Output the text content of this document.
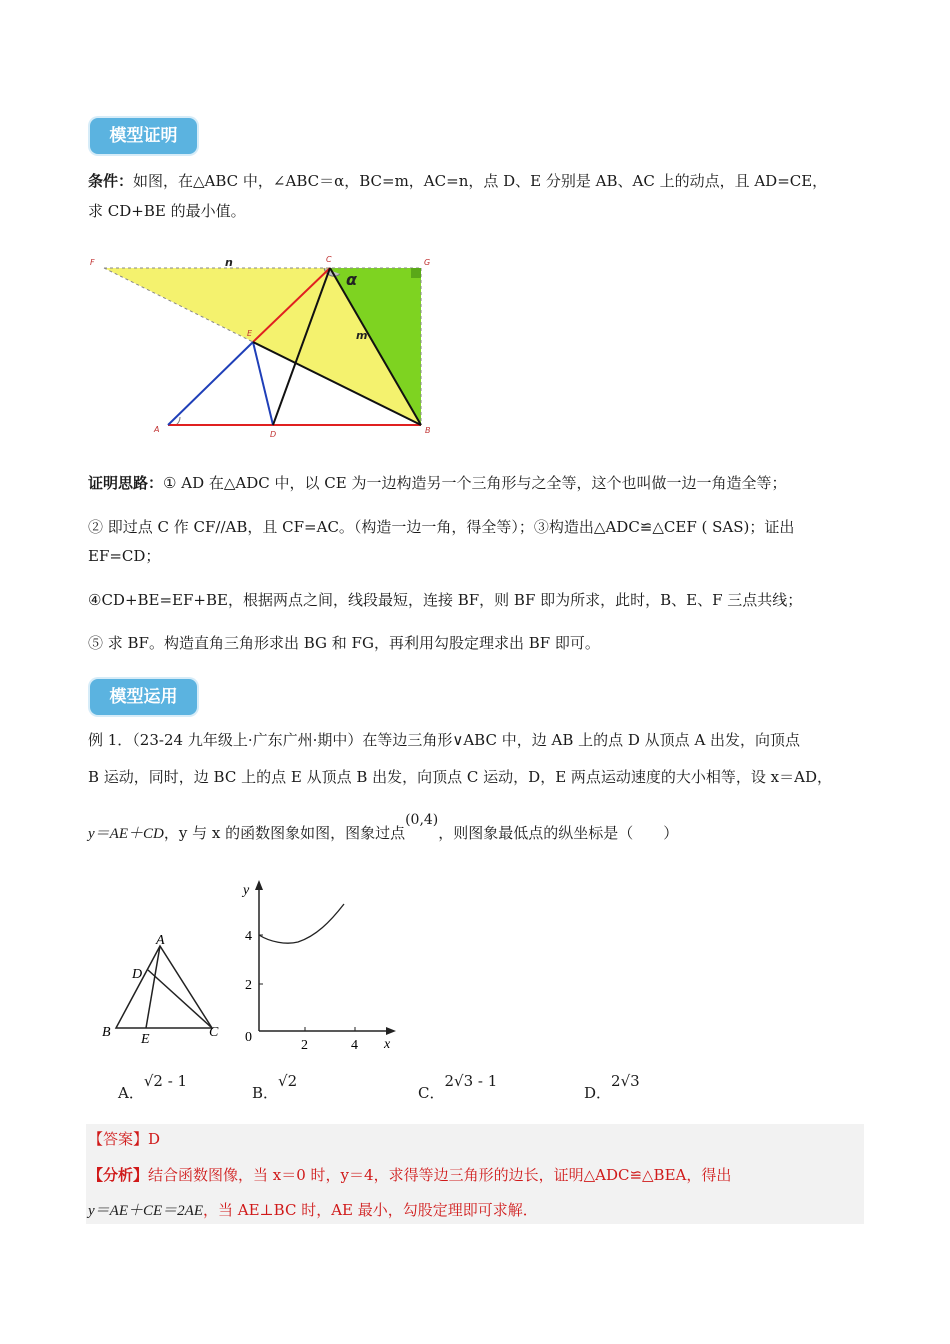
模型证明
条件：如图，在△ABC 中，∠ABC＝α，BC=m，AC=n，点 D、E 分别是 AB、AC 上的动点，且 AD=CE，
求 CD+BE 的最小值。
F	C	G
E
A
D	B
n
m
α
证明思路：① AD 在△ADC 中，以 CE 为一边构造另一个三角形与之全等，这个也叫做一边一角造全等；
② 即过点 C 作 CF//AB，且 CF=AC。（构造一边一角，得全等）；③构造出△ADC≌△CEF ( SAS)；证出
EF=CD；
④CD+BE=EF+BE，根据两点之间，线段最短，连接 BF，则 BF 即为所求，此时，B、E、F 三点共线；
⑤ 求 BF。构造直角三角形求出 BG 和 FG，再利用勾股定理求出 BF 即可。
模型运用
例 1．（23-24 九年级上·广东广州·期中）在等边三角形∨ABC 中，边 AB 上的点 D 从顶点 A 出发，向顶点
B 运动，同时，边 BC 上的点 E 从顶点 B 出发，向顶点 C 运动，D，E 两点运动速度的大小相等，设 x＝AD，
y＝AE＋CD，y 与 x 的函数图象如图，图象过点(0,4)，则图象最低点的纵坐标是（　　）
A
D
B E	C
y
x
0
4
2
2	4
A．√2 - 1
B．√2
C．2√3 - 1
D．2√3
【答案】D
【分析】结合函数图像，当 x＝0 时，y＝4，求得等边三角形的边长，证明△ADC≌△BEA，得出
y＝AE＋CE＝2AE，当 AE⊥BC 时，AE 最小，勾股定理即可求解．
